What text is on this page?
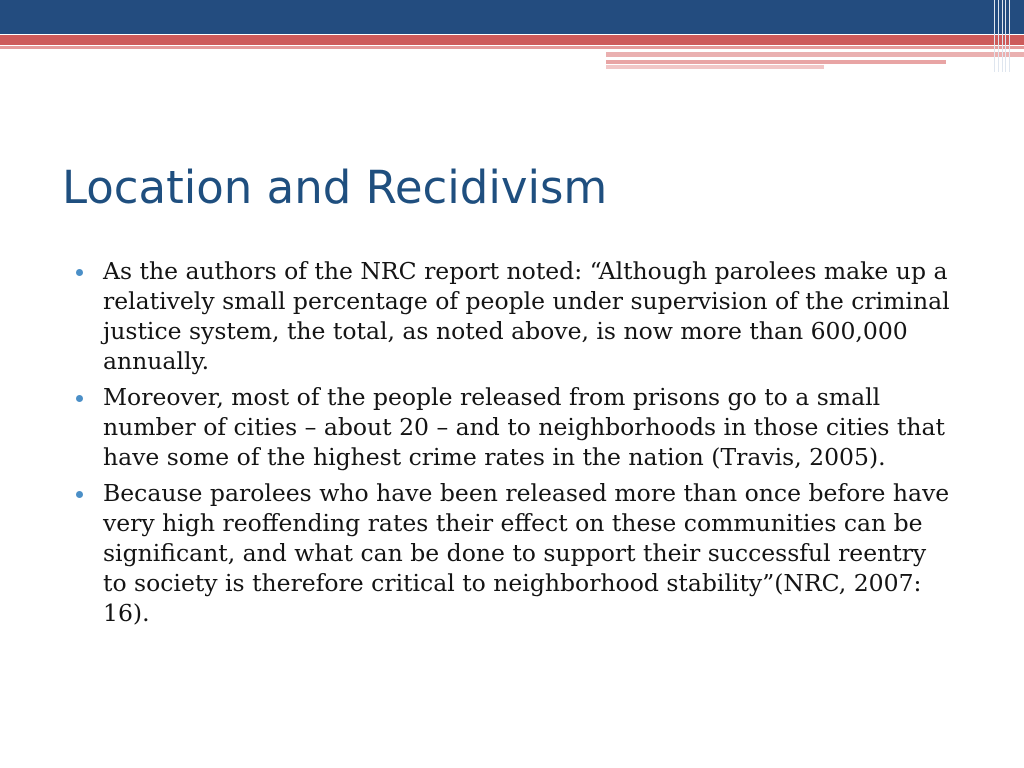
Location and Recidivism
As the authors of the NRC report noted: “Although parolees make up a relatively small percentage of people under supervision of the criminal justice system, the total, as noted above, is now more than 600,000 annually.
Moreover, most of the people released from prisons go to a small number of cities – about 20 – and to neighborhoods in those cities that have some of the highest crime rates in the nation (Travis, 2005).
Because parolees who have been released more than once before have very high reoffending rates their effect on these communities can be significant, and what can be done to support their successful reentry to society is therefore critical to neighborhood stability”(NRC, 2007: 16).
